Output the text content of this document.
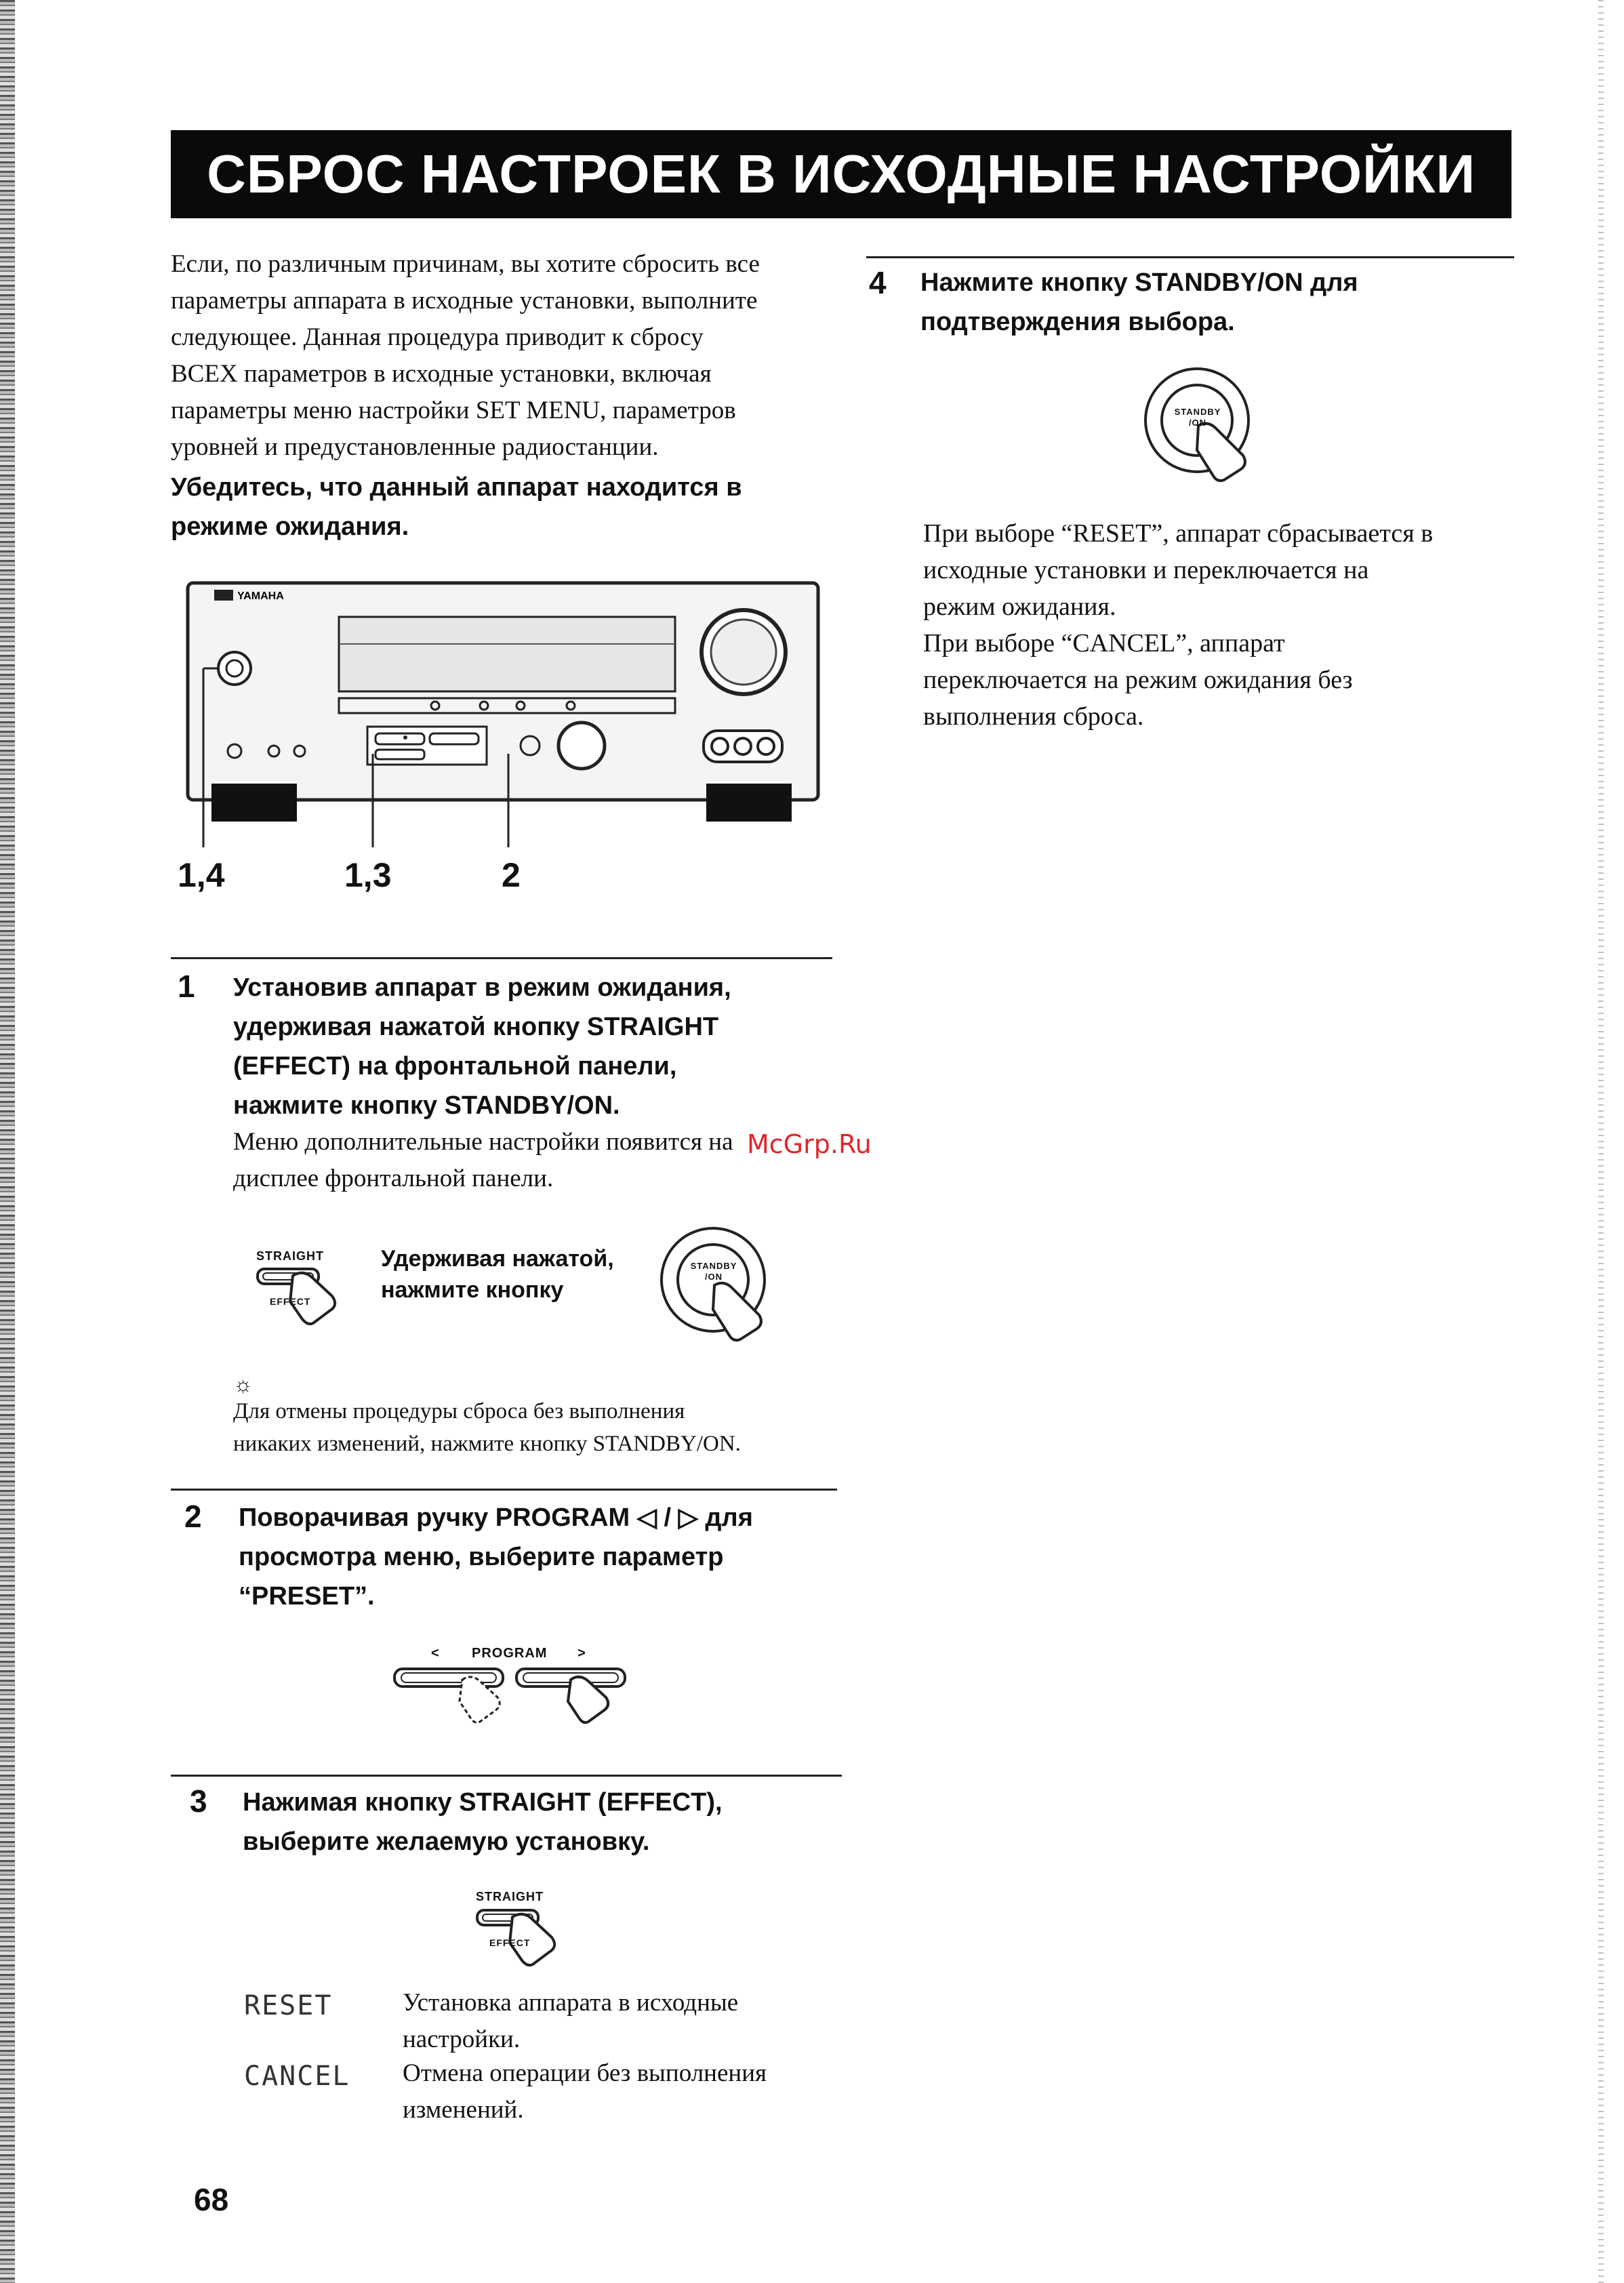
СБРОС НАСТРОЕК В ИСХОДНЫЕ НАСТРОЙКИ
Если, по различным причинам, вы хотите сбросить все
параметры аппарата в исходные установки, выполните
следующее. Данная процедура приводит к сбросу
ВСЕХ параметров в исходные установки, включая
параметры меню настройки SET MENU, параметров
уровней и предустановленные радиостанции.
Убедитесь, что данный аппарат находится в
режиме ожидания.
YAMAHA
1,4	1,3	2
1 Установив аппарат в режим ожидания,
удерживая нажатой кнопку STRAIGHT
(EFFECT) на фронтальной панели,
нажмите кнопку STANDBY/ON.
Меню дополнительные настройки появится на
дисплее фронтальной панели.
McGrp.Ru
STRAIGHT
EFFECT
Удерживая нажатой,
нажмите кнопку
STANDBY
/ON
☼
Для отмены процедуры сброса без выполнения
никаких изменений, нажмите кнопку STANDBY/ON.
2 Поворачивая ручку PROGRAM ◁ / ▷ для
просмотра меню, выберите параметр
“PRESET”.
< PROGRAM >
3 Нажимая кнопку STRAIGHT (EFFECT),
выберите желаемую установку.
STRAIGHT
EFFECT
RESET	Установка аппарата в исходные
настройки.
CANCEL Отмена операции без выполнения
изменений.
68
4 Нажмите кнопку STANDBY/ON для
подтверждения выбора.
STANDBY
/ON
При выборе “RESET”, аппарат сбрасывается в
исходные установки и переключается на
режим ожидания.
При выборе “CANCEL”, аппарат
переключается на режим ожидания без
выполнения сброса.
